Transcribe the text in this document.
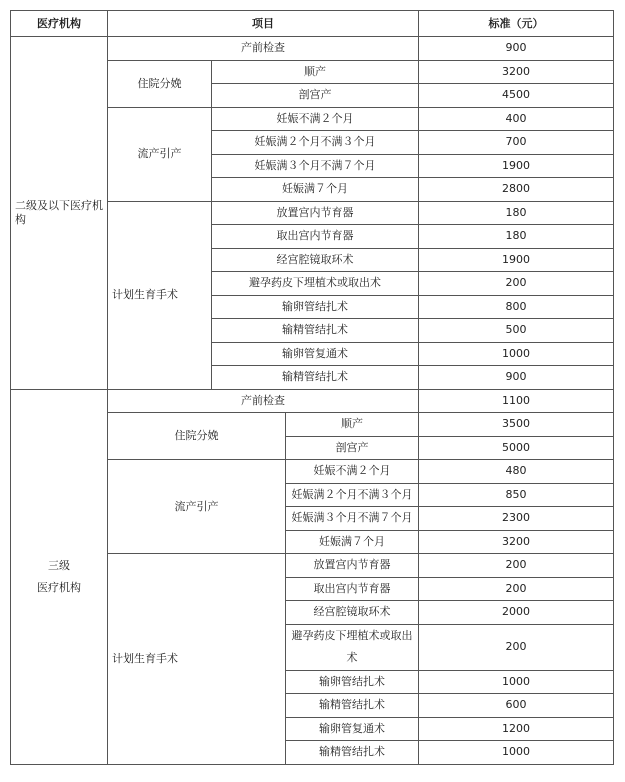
医疗机构	项目			标准（元）
二级及以下医疗机构	产前检查			900
	住院分娩	顺产		3200
		剖宫产		4500
	流产引产	妊娠不满２个月		400
		妊娠满２个月不满３个月		700
		妊娠满３个月不满７个月		1900
		妊娠满７个月		2800
	计划生育手术	放置宫内节育器		180
		取出宫内节育器		180
		经宫腔镜取环术		1900
		避孕药皮下埋植术或取出术		200
		输卵管结扎术		800
		输精管结扎术		500
		输卵管复通术		1000
		输精管结扎术		900

三级
医疗机构	产前检查			1100
	住院分娩		顺产	3500
			剖宫产	5000
	流产引产		妊娠不满２个月	480
			妊娠满２个月不满３个月	850
			妊娠满３个月不满７个月	2300
			妊娠满７个月	3200
	计划生育手术		放置宫内节育器	200
			取出宫内节育器	200
			经宫腔镜取环术	2000
			避孕药皮下埋植术或取出术	200
			输卵管结扎术	1000
			输精管结扎术	600
			输卵管复通术	1200
			输精管结扎术	1000
